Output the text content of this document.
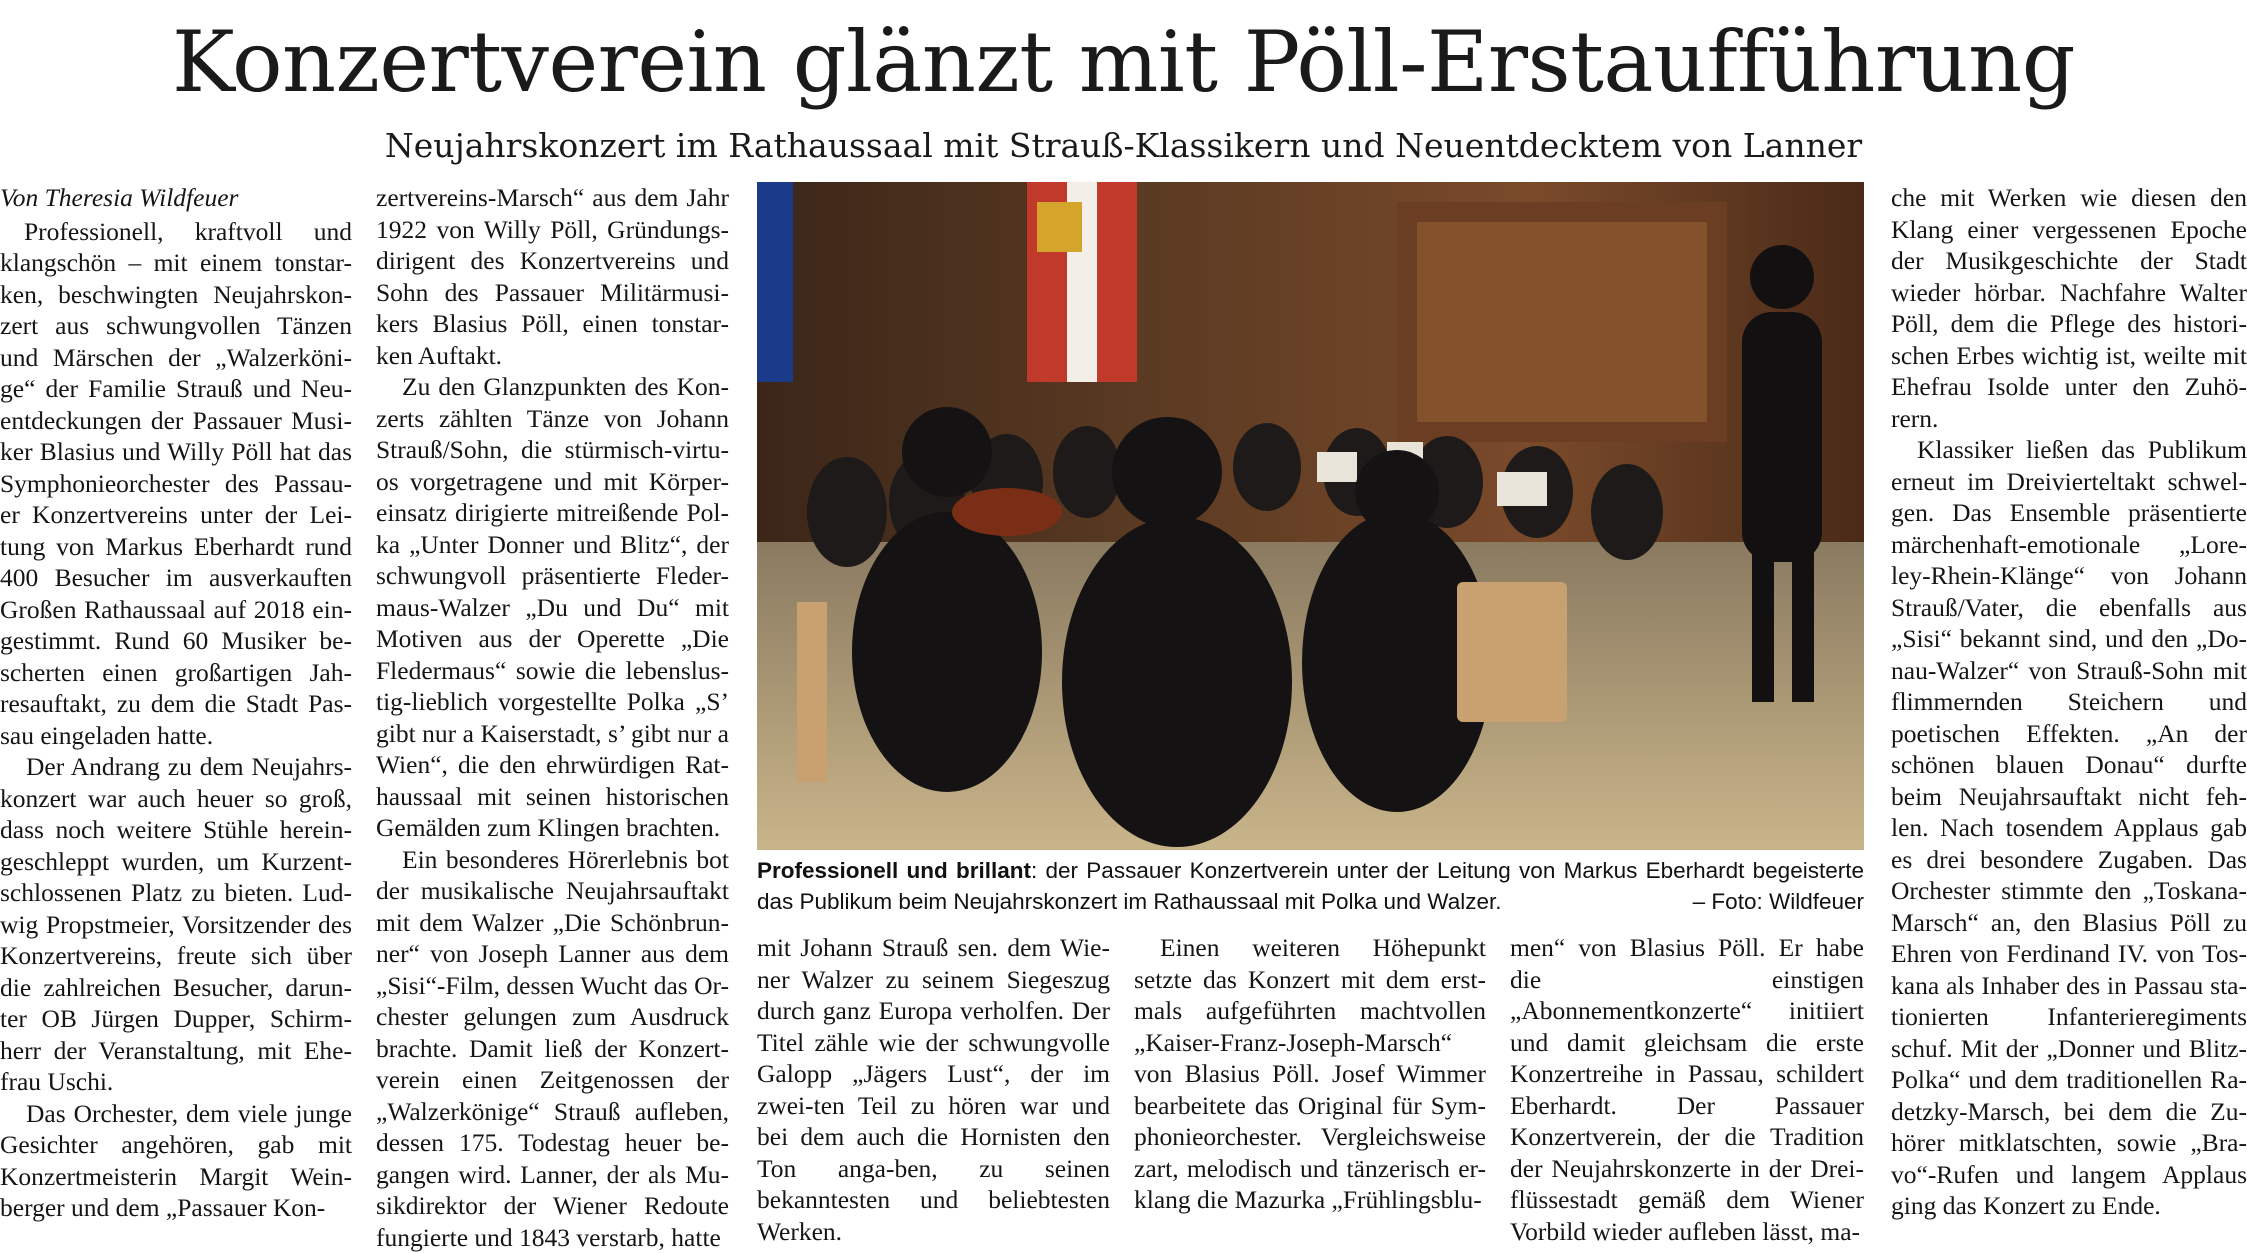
Konzertverein glänzt mit Pöll-Erstaufführung
Neujahrskonzert im Rathaussaal mit Strauß-Klassikern und Neuentdecktem von Lanner

Von Theresia Wildfeuer

Professionell, kraftvoll und klangschön – mit einem tonstar-ken, beschwingten Neujahrskon-zert aus schwungvollen Tänzen und Märschen der „Walzerköni-ge“ der Familie Strauß und Neu-entdeckungen der Passauer Musi-ker Blasius und Willy Pöll hat das Symphonieorchester des Passau-er Konzertvereins unter der Lei-tung von Markus Eberhardt rund 400 Besucher im ausverkauften Großen Rathaussaal auf 2018 ein-gestimmt. Rund 60 Musiker be-scherten einen großartigen Jah-resauftakt, zu dem die Stadt Pas-sau eingeladen hatte.

Der Andrang zu dem Neujahrs-konzert war auch heuer so groß, dass noch weitere Stühle herein-geschleppt wurden, um Kurzent-schlossenen Platz zu bieten. Lud-wig Propstmeier, Vorsitzender des Konzertvereins, freute sich über die zahlreichen Besucher, darun-ter OB Jürgen Dupper, Schirm-herr der Veranstaltung, mit Ehe-frau Uschi.

Das Orchester, dem viele junge Gesichter angehören, gab mit Konzertmeisterin Margit Wein-berger und dem „Passauer Kon-

zertvereins-Marsch“ aus dem Jahr 1922 von Willy Pöll, Gründungs-dirigent des Konzertvereins und Sohn des Passauer Militärmusi-kers Blasius Pöll, einen tonstar-ken Auftakt.

Zu den Glanzpunkten des Kon-zerts zählten Tänze von Johann Strauß/Sohn, die stürmisch-virtu-os vorgetragene und mit Körper-einsatz dirigierte mitreißende Pol-ka „Unter Donner und Blitz“, der schwungvoll präsentierte Fleder-maus-Walzer „Du und Du“ mit Motiven aus der Operette „Die Fledermaus“ sowie die lebenslus-tig-lieblich vorgestellte Polka „S’ gibt nur a Kaiserstadt, s’ gibt nur a Wien“, die den ehrwürdigen Rat-haussaal mit seinen historischen Gemälden zum Klingen brachten.

Ein besonderes Hörerlebnis bot der musikalische Neujahrsauftakt mit dem Walzer „Die Schönbrun-ner“ von Joseph Lanner aus dem „Sisi“-Film, dessen Wucht das Or-chester gelungen zum Ausdruck brachte. Damit ließ der Konzert-verein einen Zeitgenossen der „Walzerkönige“ Strauß aufleben, dessen 175. Todestag heuer be-gangen wird. Lanner, der als Mu-sikdirektor der Wiener Redoute fungierte und 1843 verstarb, hatte

Professionell und brillant: der Passauer Konzertverein unter der Leitung von Markus Eberhardt begeisterte das Publikum beim Neujahrskonzert im Rathaussaal mit Polka und Walzer.	– Foto: Wildfeuer

mit Johann Strauß sen. dem Wie-ner Walzer zu seinem Siegeszug durch ganz Europa verholfen. Der Titel zähle wie der schwungvolle Galopp „Jägers Lust“, der im zwei-ten Teil zu hören war und bei dem auch die Hornisten den Ton anga-ben, zu seinen bekanntesten und beliebtesten Werken.

Einen weiteren Höhepunkt setzte das Konzert mit dem erst-mals aufgeführten machtvollen „Kaiser-Franz-Joseph-Marsch“ von Blasius Pöll. Josef Wimmer bearbeitete das Original für Sym-phonieorchester. Vergleichsweise zart, melodisch und tänzerisch er-klang die Mazurka „Frühlingsblu-

men“ von Blasius Pöll. Er habe die einstigen „Abonnementkonzerte“ initiiert und damit gleichsam die erste Konzertreihe in Passau, schildert Eberhardt. Der Passauer Konzertverein, der die Tradition der Neujahrskonzerte in der Drei-flüssestadt gemäß dem Wiener Vorbild wieder aufleben lässt, ma-

che mit Werken wie diesen den Klang einer vergessenen Epoche der Musikgeschichte der Stadt wieder hörbar. Nachfahre Walter Pöll, dem die Pflege des histori-schen Erbes wichtig ist, weilte mit Ehefrau Isolde unter den Zuhö-rern.

Klassiker ließen das Publikum erneut im Dreivierteltakt schwel-gen. Das Ensemble präsentierte märchenhaft-emotionale „Lore-ley-Rhein-Klänge“ von Johann Strauß/Vater, die ebenfalls aus „Sisi“ bekannt sind, und den „Do-nau-Walzer“ von Strauß-Sohn mit flimmernden Steichern und poetischen Effekten. „An der schönen blauen Donau“ durfte beim Neujahrsauftakt nicht feh-len. Nach tosendem Applaus gab es drei besondere Zugaben. Das Orchester stimmte den „Toskana-Marsch“ an, den Blasius Pöll zu Ehren von Ferdinand IV. von Tos-kana als Inhaber des in Passau sta-tionierten Infanterieregiments schuf. Mit der „Donner und Blitz-Polka“ und dem traditionellen Ra-detzky-Marsch, bei dem die Zu-hörer mitklatschten, sowie „Bra-vo“-Rufen und langem Applaus ging das Konzert zu Ende.
